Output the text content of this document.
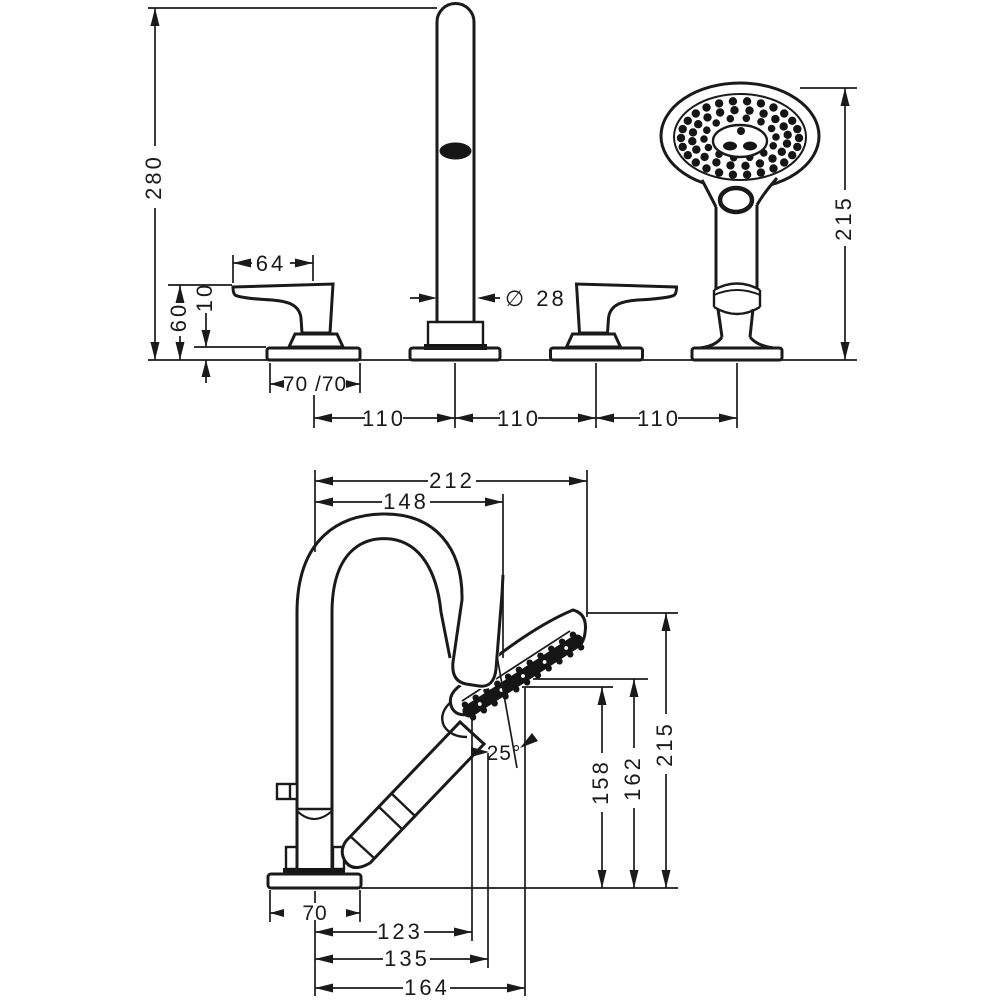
280
60
10
64
∅ 28
70 /70
110	110	110
215
212
148
25°
70
123
135
164
158 162
215
